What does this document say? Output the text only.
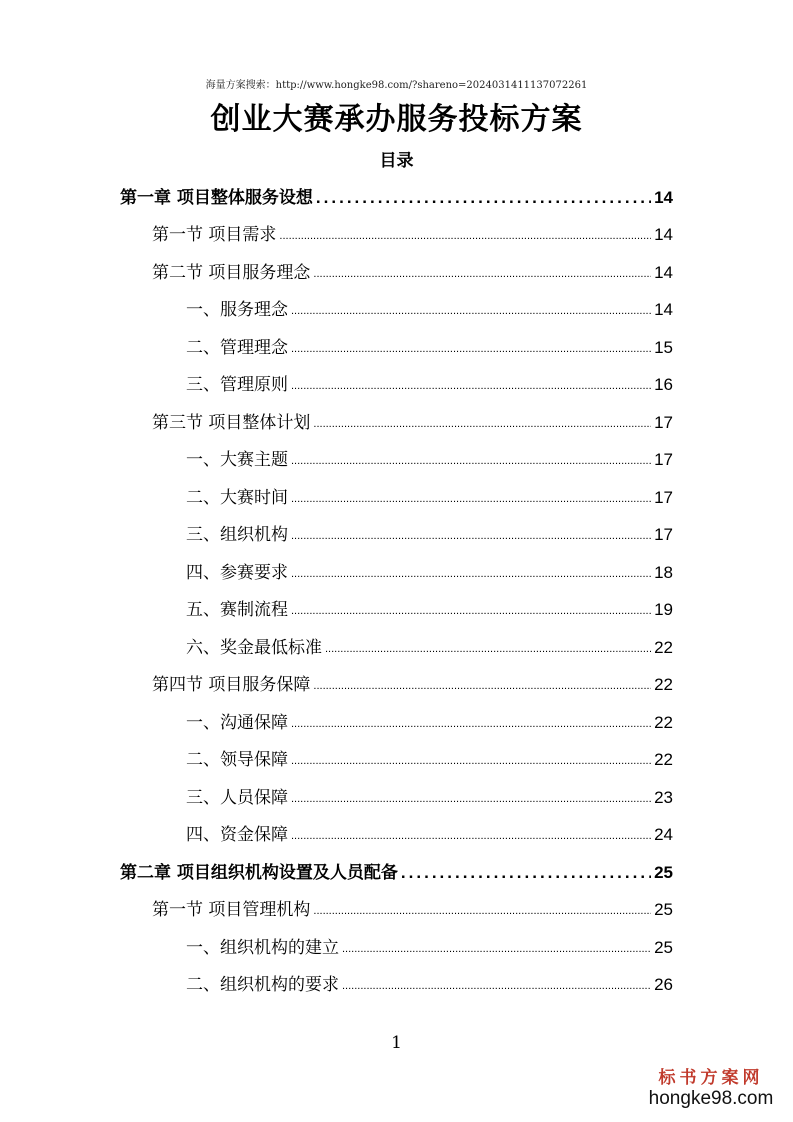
海量方案搜索：http://www.hongke98.com/?shareno=2024031411137072261
创业大赛承办服务投标方案
目录
第一章 项目整体服务设想 .....	14
第一节 项目需求 .....	14
第二节 项目服务理念 .....	14
一、服务理念 .....	14
二、管理理念 .....	15
三、管理原则 .....	16
第三节 项目整体计划 .....	17
一、大赛主题 .....	17
二、大赛时间 .....	17
三、组织机构 .....	17
四、参赛要求 .....	18
五、赛制流程 .....	19
六、奖金最低标准 .....	22
第四节 项目服务保障 .....	22
一、沟通保障 .....	22
二、领导保障 .....	22
三、人员保障 .....	23
四、资金保障 .....	24
第二章 项目组织机构设置及人员配备 .....	25
第一节 项目管理机构 .....	25
一、组织机构的建立 .....	25
二、组织机构的要求 .....	26
1
标书方案网
hongke98.com
